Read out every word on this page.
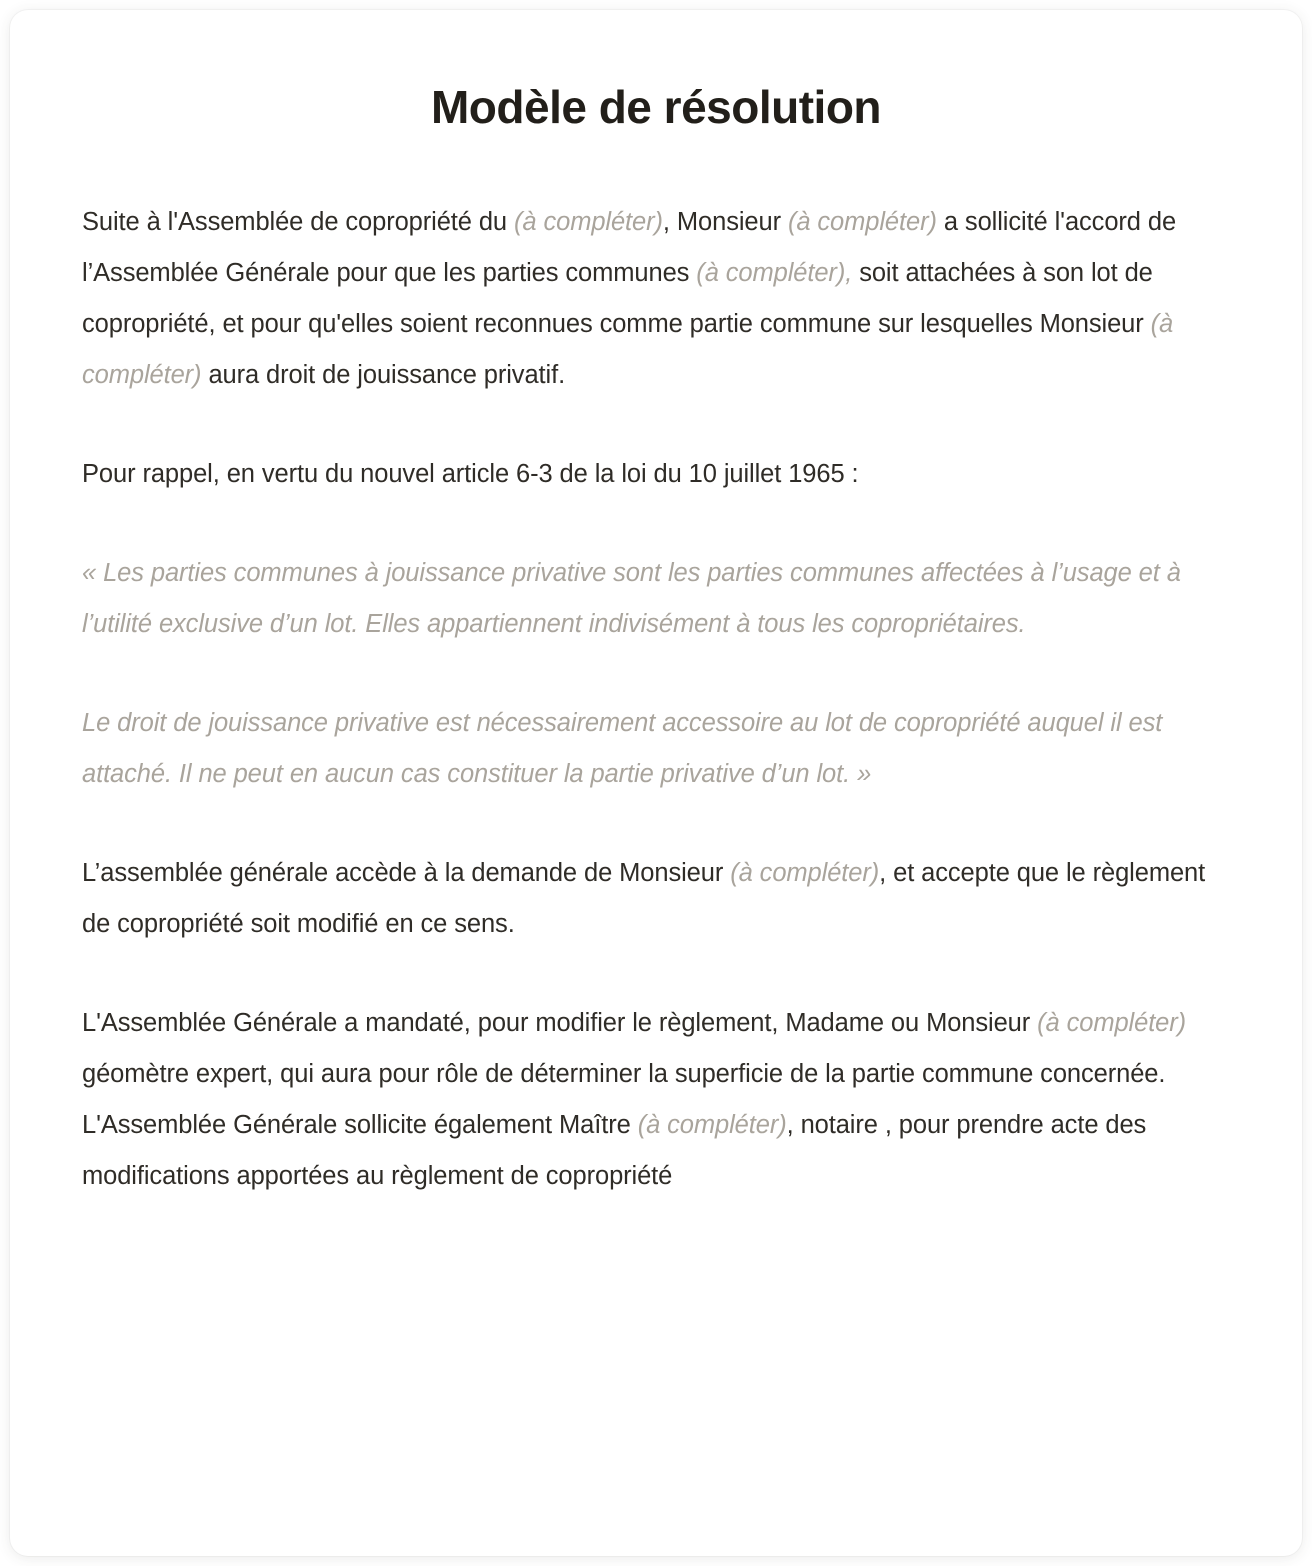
Modèle de résolution

Suite à l'Assemblée de copropriété du (à compléter), Monsieur (à compléter) a sollicité l'accord de l’Assemblée Générale pour que les parties communes (à compléter), soit attachées à son lot de copropriété, et pour qu'elles soient reconnues comme partie commune sur lesquelles Monsieur (à compléter) aura droit de jouissance privatif.

Pour rappel, en vertu du nouvel article 6-3 de la loi du 10 juillet 1965 :

« Les parties communes à jouissance privative sont les parties communes affectées à l’usage et à l’utilité exclusive d’un lot. Elles appartiennent indivisément à tous les copropriétaires.

Le droit de jouissance privative est nécessairement accessoire au lot de copropriété auquel il est attaché. Il ne peut en aucun cas constituer la partie privative d’un lot. »

L’assemblée générale accède à la demande de Monsieur (à compléter), et accepte que le règlement de copropriété soit modifié en ce sens.

L'Assemblée Générale a mandaté, pour modifier le règlement, Madame ou Monsieur (à compléter) géomètre expert, qui aura pour rôle de déterminer la superficie de la partie commune concernée. L'Assemblée Générale sollicite également Maître (à compléter), notaire , pour prendre acte des modifications apportées au règlement de copropriété
